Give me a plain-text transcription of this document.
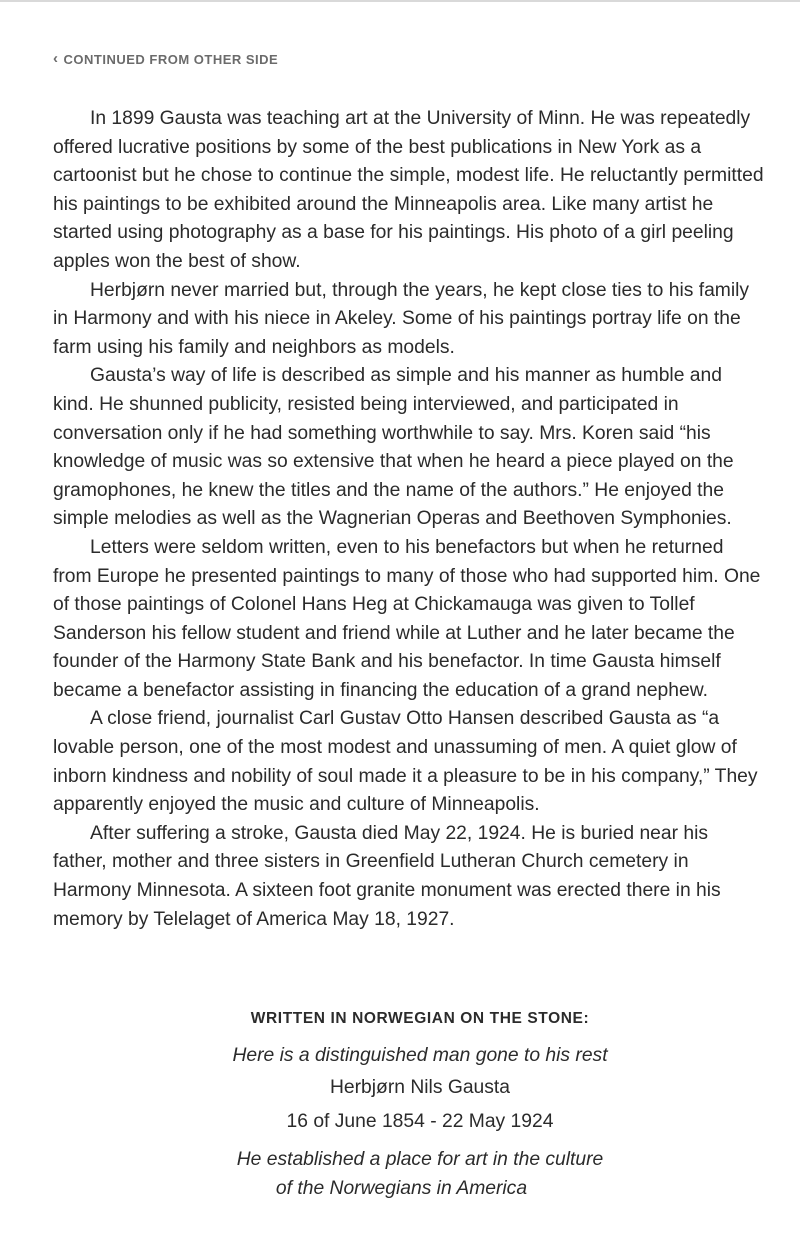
‹ CONTINUED FROM OTHER SIDE

In 1899 Gausta was teaching art at the University of Minn. He was repeatedly offered lucrative positions by some of the best publications in New York as a cartoonist but he chose to continue the simple, modest life. He reluctantly permitted his paintings to be exhibited around the Minneapolis area. Like many artist he started using photography as a base for his paintings. His photo of a girl peeling apples won the best of show.

Herbjørn never married but, through the years, he kept close ties to his family in Harmony and with his niece in Akeley. Some of his paintings portray life on the farm using his family and neighbors as models.

Gausta’s way of life is described as simple and his manner as humble and kind. He shunned publicity, resisted being interviewed, and participated in conversation only if he had something worthwhile to say. Mrs. Koren said “his knowledge of music was so extensive that when he heard a piece played on the gramophones, he knew the titles and the name of the authors.” He enjoyed the simple melodies as well as the Wagnerian Operas and Beethoven Symphonies.

Letters were seldom written, even to his benefactors but when he returned from Europe he presented paintings to many of those who had supported him. One of those paintings of Colonel Hans Heg at Chickamauga was given to Tollef Sanderson his fellow student and friend while at Luther and he later became the founder of the Harmony State Bank and his benefactor. In time Gausta himself became a benefactor assisting in financing the education of a grand nephew.

A close friend, journalist Carl Gustav Otto Hansen described Gausta as “a lovable person, one of the most modest and unassuming of men. A quiet glow of inborn kindness and nobility of soul made it a pleasure to be in his company,” They apparently enjoyed the music and culture of Minneapolis.

After suffering a stroke, Gausta died May 22, 1924. He is buried near his father, mother and three sisters in Greenfield Lutheran Church cemetery in Harmony Minnesota. A sixteen foot granite monument was erected there in his memory by Telelaget of America May 18, 1927.

WRITTEN IN NORWEGIAN ON THE STONE:
Here is a distinguished man gone to his rest
Herbjørn Nils Gausta
16 of June 1854 - 22 May 1924
He established a place for art in the culture
of the Norwegians in America
